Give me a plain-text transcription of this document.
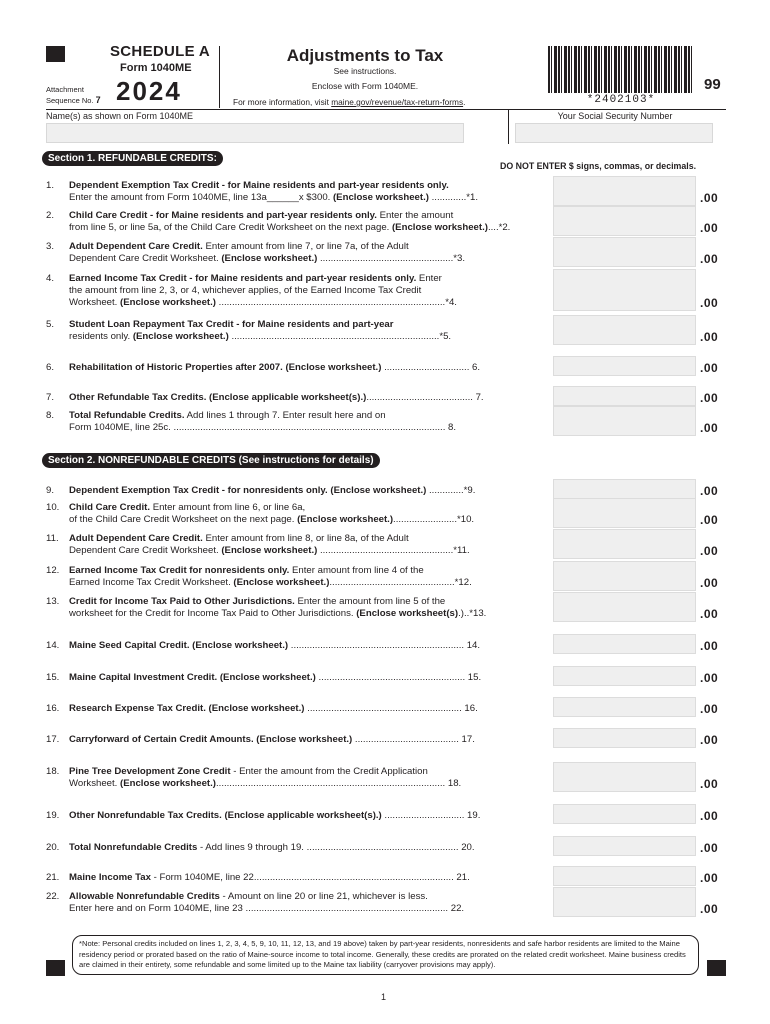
SCHEDULE A
Form 1040ME
Attachment
Sequence No. 7 2024
Adjustments to Tax
See instructions.
Enclose with Form 1040ME.
For more information, visit maine.gov/revenue/tax-return-forms.	*2402103*
99
Name(s) as shown on Form 1040ME	Your Social Security Number
Section 1. REFUNDABLE CREDITS:
DO NOT ENTER $ signs, commas, or decimals.
Section 2. NONREFUNDABLE CREDITS (See instructions for details)
1. Dependent Exemption Tax Credit - for Maine residents and part-year residents only.
Enter the amount from Form 1040ME, line 13a______x $300. (Enclose worksheet.) .............*1.	.00
2. Child Care Credit - for Maine residents and part-year residents only. Enter the amount
from line 5, or line 5a, of the Child Care Credit Worksheet on the next page. (Enclose worksheet.)....*2.	.00
3. Adult Dependent Care Credit. Enter amount from line 7, or line 7a, of the Adult
Dependent Care Credit Worksheet. (Enclose worksheet.) ..................................................*3.	.00
4. Earned Income Tax Credit - for Maine residents and part-year residents only. Enter
the amount from line 2, 3, or 4, whichever applies, of the Earned Income Tax Credit
Worksheet. (Enclose worksheet.) .....................................................................................*4.	.00
5. Student Loan Repayment Tax Credit - for Maine residents and part-year
residents only. (Enclose worksheet.) ..............................................................................*5.	.00
6. Rehabilitation of Historic Properties after 2007. (Enclose worksheet.) ................................ 6.	.00
7. Other Refundable Tax Credits. (Enclose applicable worksheet(s).)........................................ 7.	.00
8. Total Refundable Credits. Add lines 1 through 7. Enter result here and on
Form 1040ME, line 25c. ...................................................................................................... 8.	.00
9. Dependent Exemption Tax Credit - for nonresidents only. (Enclose worksheet.) .............*9.	.00
10. Child Care Credit. Enter amount from line 6, or line 6a,
of the Child Care Credit Worksheet on the next page. (Enclose worksheet.)........................*10.	.00
11. Adult Dependent Care Credit. Enter amount from line 8, or line 8a, of the Adult
Dependent Care Credit Worksheet. (Enclose worksheet.) ..................................................*11.	.00
12. Earned Income Tax Credit for nonresidents only. Enter amount from line 4 of the
Earned Income Tax Credit Worksheet. (Enclose worksheet.)...............................................*12.	.00
13. Credit for Income Tax Paid to Other Jurisdictions. Enter the amount from line 5 of the
worksheet for the Credit for Income Tax Paid to Other Jurisdictions. (Enclose worksheet(s).)..*13.	.00
14. Maine Seed Capital Credit. (Enclose worksheet.) ................................................................. 14.	.00
15. Maine Capital Investment Credit. (Enclose worksheet.) ....................................................... 15.	.00
16. Research Expense Tax Credit. (Enclose worksheet.) .......................................................... 16.	.00
17. Carryforward of Certain Credit Amounts. (Enclose worksheet.) ....................................... 17.	.00
18. Pine Tree Development Zone Credit - Enter the amount from the Credit Application
Worksheet. (Enclose worksheet.)...................................................................................... 18.	.00
19. Other Nonrefundable Tax Credits. (Enclose applicable worksheet(s).) .............................. 19.	.00
20. Total Nonrefundable Credits - Add lines 9 through 19. ......................................................... 20.	.00
21. Maine Income Tax - Form 1040ME, line 22........................................................................... 21.	.00
22. Allowable Nonrefundable Credits - Amount on line 20 or line 21, whichever is less.
Enter here and on Form 1040ME, line 23 ............................................................................ 22.	.00
*Note: Personal credits included on lines 1, 2, 3, 4, 5, 9, 10, 11, 12, 13, and 19 above) taken by part-year residents, nonresidents and safe harbor residents are limited to the Maine residency period or prorated based on the ratio of Maine-source income to total income. Generally, these credits are prorated on the related credit worksheet. Maine business credits are claimed in their entirety, some refundable and some limited up to the Maine tax liability (carryover provisions may apply).
1
